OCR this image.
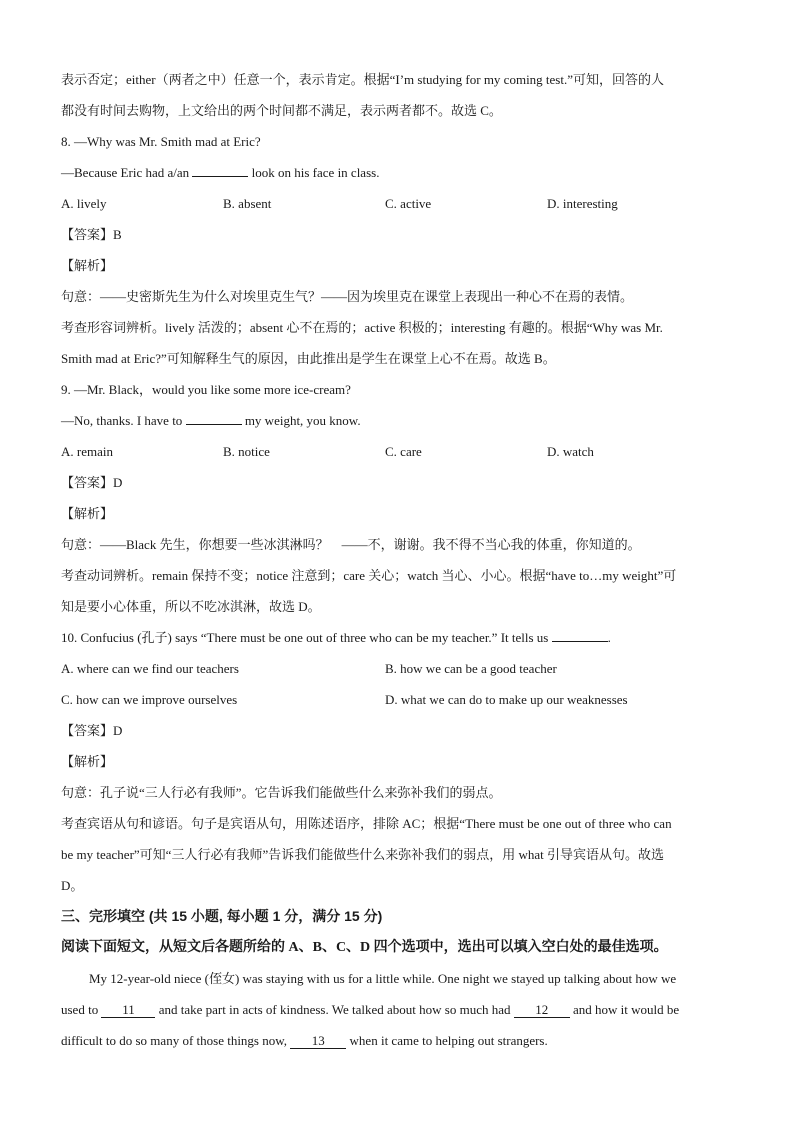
表示否定；either（两者之中）任意一个，表示肯定。根据“I’m studying for my coming test.”可知，回答的人
都没有时间去购物，上文给出的两个时间都不满足，表示两者都不。故选 C。
8. —Why was Mr. Smith mad at Eric?
—Because Eric had a/an	look on his face in class.
A. lively	B. absent	C. active	D. interesting
【答案】B
【解析】
句意：——史密斯先生为什么对埃里克生气？——因为埃里克在课堂上表现出一种心不在焉的表情。
考查形容词辨析。lively 活泼的；absent 心不在焉的；active 积极的；interesting 有趣的。根据“Why was Mr.
Smith mad at Eric?”可知解释生气的原因，由此推出是学生在课堂上心不在焉。故选 B。
9. —Mr. Black，would you like some more ice-cream?
—No, thanks. I have to	my weight, you know.
A. remain	B. notice	C. care	D. watch
【答案】D
【解析】
句意：——Black 先生，你想要一些冰淇淋吗？　——不，谢谢。我不得不当心我的体重，你知道的。
考查动词辨析。remain 保持不变；notice 注意到；care 关心；watch 当心、小心。根据“have to…my weight”可
知是要小心体重，所以不吃冰淇淋，故选 D。
10. Confucius (孔子) says “There must be one out of three who can be my teacher.” It tells us	.
A. where can we find our teachers	B. how we can be a good teacher
C. how can we improve ourselves	D. what we can do to make up our weaknesses
【答案】D
【解析】
句意：孔子说“三人行必有我师”。它告诉我们能做些什么来弥补我们的弱点。
考查宾语从句和谚语。句子是宾语从句，用陈述语序，排除 AC；根据“There must be one out of three who can
be my teacher”可知“三人行必有我师”告诉我们能做些什么来弥补我们的弱点，用 what 引导宾语从句。故选
D。
三、完形填空 (共 15 小题, 每小题 1 分，满分 15 分)
阅读下面短文，从短文后各题所给的 A、B、C、D 四个选项中，选出可以填入空白处的最佳选项。
My 12-year-old niece (侄女) was staying with us for a little while. One night we stayed up talking about how we
used to 11 and take part in acts of kindness. We talked about how so much had 12 and how it would be
difficult to do so many of those things now, 13 when it came to helping out strangers.
